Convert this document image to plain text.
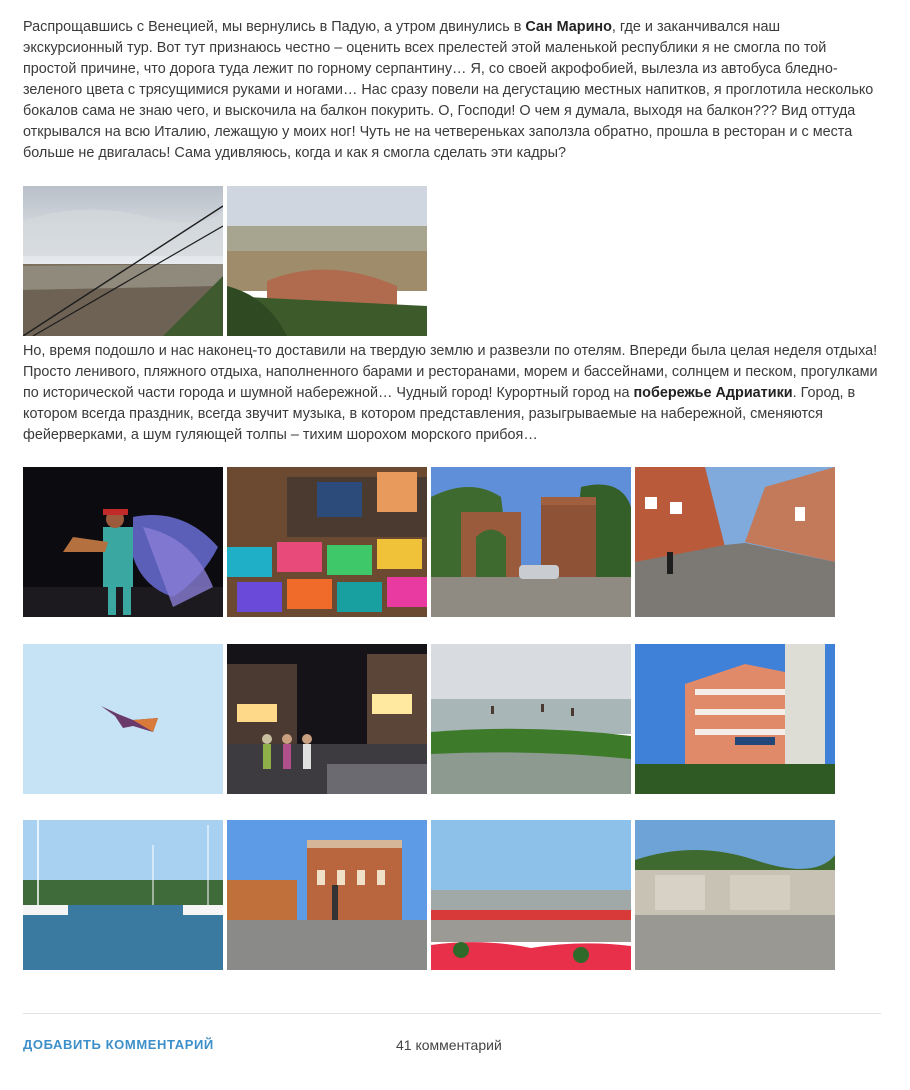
Распрощавшись с Венецией, мы вернулись в Падую, а утром двинулись в Сан Марино, где и заканчивался наш экскурсионный тур. Вот тут признаюсь честно – оценить всех прелестей этой маленькой республики я не смогла по той простой причине, что дорога туда лежит по горному серпантину… Я, со своей акрофобией, вылезла из автобуса бледно-зеленого цвета с трясущимися руками и ногами… Нас сразу повели на дегустацию местных напитков, я проглотила несколько бокалов сама не знаю чего, и выскочила на балкон покурить. О, Господи! О чем я думала, выходя на балкон??? Вид оттуда открывался на всю Италию, лежащую у моих ног! Чуть не на четвереньках заползла обратно, прошла в ресторан и с места больше не двигалась! Сама удивляюсь, когда и как я смогла сделать эти кадры?

Но, время подошло и нас наконец-то доставили на твердую землю и развезли по отелям. Впереди была целая неделя отдыха! Просто ленивого, пляжного отдыха, наполненного барами и ресторанами, морем и бассейнами, солнцем и песком, прогулками по исторической части города и шумной набережной… Чудный город! Курортный город на побережье Адриатики. Город, в котором всегда праздник, всегда звучит музыка, в котором представления, разыгрываемые на набережной, сменяются фейерверками, а шум гуляющей толпы – тихим шорохом морского прибоя…

ДОБАВИТЬ КОММЕНТАРИЙ	41 комментарий
